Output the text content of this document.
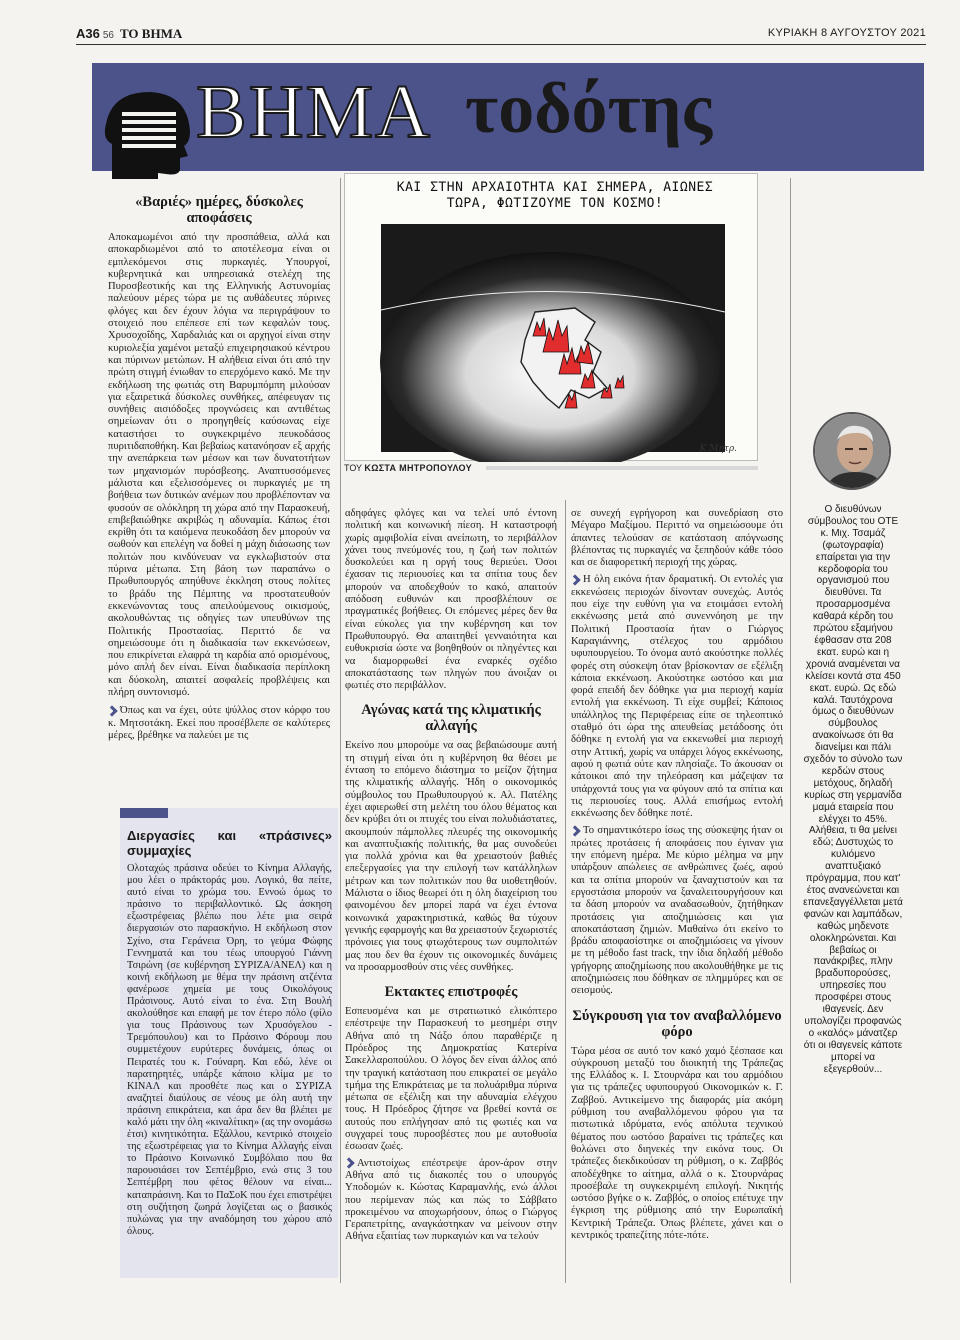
A36 56 ΤΟ ΒΗΜΑ	ΚΥΡΙΑΚΗ 8 ΑΥΓΟΥΣΤΟΥ 2021
ΒΗΜΑ τοδότης
ΚΑΙ ΣΤΗΝ ΑΡΧΑΙΟΤΗΤΑ ΚΑΙ ΣΗΜΕΡΑ, ΑΙΩΝΕΣ ΤΩΡΑ, ΦΩΤΙΖΟΥΜΕ ΤΟΝ ΚΟΣΜΟ!
Κ.Μητρ.
ΤΟΥ ΚΩΣΤΑ ΜΗΤΡΟΠΟΥΛΟΥ
«Βαριές» ημέρες, δύσκολες αποφάσεις

Αποκαμωμένοι από την προσπάθεια, αλλά και αποκαρδιωμένοι από το αποτέλεσμα είναι οι εμπλεκόμενοι στις πυρκαγιές. Υπουργοί, κυβερνητικά και υπηρεσιακά στελέχη της Πυροσβεστικής και της Ελληνικής Αστυνομίας παλεύουν μέρες τώρα με τις αυθάδευτες πύρινες φλόγες και δεν έχουν λόγια να περιγράψουν το στοιχειό που επέπεσε επί των κεφαλών τους. Χρυσοχοΐδης, Χαρδαλιάς και οι αρχηγοί είναι στην κυριολεξία χαμένοι μεταξύ επιχειρησιακού κέντρου και πύρινων μετώπων. Η αλήθεια είναι ότι από την πρώτη στιγμή ένιωθαν το επερχόμενο κακό. Με την εκδήλωση της φωτιάς στη Βαρυμπόμπη μιλούσαν για εξαιρετικά δύσκολες συνθήκες, απέφευγαν τις συνήθεις αισιόδοξες προγνώσεις και αντιθέτως σημείωναν ότι ο προηγηθείς καύσωνας είχε καταστήσει το συγκεκριμένο πευκοδάσος πυριτιδαποθήκη. Και βεβαίως κατανόησαν εξ αρχής την ανεπάρκεια των μέσων και των δυνατοτήτων των μηχανισμών πυρόσβεσης. Αναπτυσσόμενες μάλιστα και εξελισσόμενες οι πυρκαγιές με τη βοήθεια των δυτικών ανέμων που προβλέπονταν να φυσούν σε ολόκληρη τη χώρα από την Παρασκευή, επιβεβαιώθηκε ακριβώς η αδυναμία. Κάπως έτσι εκρίθη ότι τα καιόμενα πευκοδάση δεν μπορούν να σωθούν και επελέγη να δοθεί η μάχη διάσωσης των πολιτών που κινδύνευαν να εγκλωβιστούν στα πύρινα μέτωπα. Στη βάση των παραπάνω ο Πρωθυπουργός απηύθυνε έκκληση στους πολίτες το βράδυ της Πέμπτης να προστατευθούν εκκενώνοντας τους απειλούμενους οικισμούς, ακολουθώντας τις οδηγίες των υπευθύνων της Πολιτικής Προστασίας. Περιττό δε να σημειώσουμε ότι η διαδικασία των εκκενώσεων, που επικρίνεται ελαφρά τη καρδία από ορισμένους, μόνο απλή δεν είναι. Είναι διαδικασία περίπλοκη και δύσκολη, απαιτεί ασφαλείς προβλέψεις και πλήρη συντονισμό.

Όπως και να έχει, ούτε ψύλλος στον κόρφο του κ. Μητσοτάκη. Εκεί που προσέβλεπε σε καλύτερες μέρες, βρέθηκε να παλεύει με τις

Διεργασίες και «πράσινες» συμμαχίες

Ολοταχώς πράσινα οδεύει το Κίνημα Αλλαγής, μου λέει ο πράκτοράς μου. Λογικό, θα πείτε, αυτό είναι το χρώμα του. Εννοώ όμως το πράσινο το περιβαλλοντικό. Ως άσκηση εξωστρέφειας βλέπω που λέτε μια σειρά διεργασιών στο παρασκήνιο. Η εκδήλωση στον Σχίνο, στα Γεράνεια Όρη, το γεύμα Φώφης Γεννηματά και του τέως υπουργού Γιάννη Τσιρώνη (σε κυβέρνηση ΣΥΡΙΖΑ/ΑΝΕΛ) και η κοινή εκδήλωση με θέμα την πράσινη ατζέντα φανέρωσε χημεία με τους Οικολόγους Πράσινους. Αυτό είναι το ένα. Στη Βουλή ακολούθησε και επαφή με τον έτερο πόλο (φίλο για τους Πράσινους των Χρυσόγελου - Τρεμόπουλου) και το Πράσινο Φόρουμ που συμμετέχουν ευρύτερες δυνάμεις, όπως οι Πειρατές του κ. Γούναρη. Και εδώ, λένε οι παρατηρητές, υπάρξε κάποιο κλίμα με το ΚΙΝΑΛ και προσθέτε πως και ο ΣΥΡΙΖΑ αναζητεί διαύλους σε νέους με όλη αυτή την πράσινη επικράτεια, και άρα δεν θα βλέπει με καλό μάτι την όλη «κιναλίτικη» (ας την ονομάσω έτσι) κινητικότητα. Εξάλλου, κεντρικό στοιχείο της εξωστρέφειας για το Κίνημα Αλλαγής είναι το Πράσινο Κοινωνικό Συμβόλαιο που θα παρουσιάσει τον Σεπτέμβριο, ενώ στις 3 του Σεπτέμβρη που φέτος θέλουν να είναι... καταπράσινη. Και το ΠαΣοΚ που έχει επιστρέψει στη συζήτηση ζωηρά λογίζεται ως ο βασικός πυλώνας για την αναδόμηση του χώρου από όλους.

αδηφάγες φλόγες και να τελεί υπό έντονη πολιτική και κοινωνική πίεση. Η καταστροφή χωρίς αμφιβολία είναι ανείπωτη, το περιβάλλον χάνει τους πνεύμονές του, η ζωή των πολιτών δυσκολεύει και η οργή τους θεριεύει. Όσοι έχασαν τις περιουσίες και τα σπίτια τους δεν μπορούν να αποδεχθούν το κακό, απαιτούν απόδοση ευθυνών και προσβλέπουν σε πραγματικές βοήθειες. Οι επόμενες μέρες δεν θα είναι εύκολες για την κυβέρνηση και τον Πρωθυπουργό. Θα απαιτηθεί γενναιότητα και ευθυκρισία ώστε να βοηθηθούν οι πληγέντες και να διαμορφωθεί ένα εναρκές σχέδιο αποκατάστασης των πληγών που άνοιξαν οι φωτιές στο περιβάλλον.

Αγώνας κατά της κλιματικής αλλαγής

Εκείνο που μπορούμε να σας βεβαιώσουμε αυτή τη στιγμή είναι ότι η κυβέρνηση θα θέσει με ένταση το επόμενο διάστημα το μείζον ζήτημα της κλιματικής αλλαγής. Ήδη ο οικονομικός σύμβουλος του Πρωθυπουργού κ. Αλ. Πατέλης έχει αφιερωθεί στη μελέτη του όλου θέματος και δεν κρύβει ότι οι πτυχές του είναι πολυδιάστατες, ακουμπούν πάμπολλες πλευρές της οικονομικής και αναπτυξιακής πολιτικής, θα μας συνοδεύει για πολλά χρόνια και θα χρειαστούν βαθιές επεξεργασίες για την επιλογή των κατάλληλων μέτρων και των πολιτικών που θα υιοθετηθούν. Μάλιστα ο ίδιος θεωρεί ότι η όλη διαχείριση του φαινομένου δεν μπορεί παρά να έχει έντονα κοινωνικά χαρακτηριστικά, καθώς θα τύχουν γενικής εφαρμογής και θα χρειαστούν ξεχωριστές πρόνοιες για τους φτωχότερους των συμπολιτών μας που δεν θα έχουν τις οικονομικές δυνάμεις να προσαρμοσθούν στις νέες συνθήκες.

Εκτακτες επιστροφές

Εσπευσμένα και με στρατιωτικό ελικόπτερο επέστρεψε την Παρασκευή το μεσημέρι στην Αθήνα από τη Νάξο όπου παραθέριζε η Πρόεδρος της Δημοκρατίας Κατερίνα Σακελλαροπούλου. Ο λόγος δεν είναι άλλος από την τραγική κατάσταση που επικρατεί σε μεγάλο τμήμα της Επικράτειας με τα πολυάριθμα πύρινα μέτωπα σε εξέλιξη και την αδυναμία ελέγχου τους. Η Πρόεδρος ζήτησε να βρεθεί κοντά σε αυτούς που επλήγησαν από τις φωτιές και να συγχαρεί τους πυροσβέστες που με αυτοθυσία έσωσαν ζωές.

Αντιστοίχως επέστρεψε άρον-άρον στην Αθήνα από τις διακοπές του ο υπουργός Υποδομών κ. Κώστας Καραμανλής, ενώ άλλοι που περίμεναν πώς και πώς το Σάββατο προκειμένου να αποχωρήσουν, όπως ο Γιώργος Γεραπετρίτης, αναγκάστηκαν να μείνουν στην Αθήνα εξαιτίας των πυρκαγιών και να τελούν

σε συνεχή εγρήγορση και συνεδρίαση στο Μέγαρο Μαξίμου. Περιττό να σημειώσουμε ότι άπαντες τελούσαν σε κατάσταση απόγνωσης βλέποντας τις πυρκαγιές να ξεπηδούν κάθε τόσο και σε διαφορετική περιοχή της χώρας.

Η όλη εικόνα ήταν δραματική. Οι εντολές για εκκενώσεις περιοχών δίνονταν συνεχώς. Αυτός που είχε την ευθύνη για να ετοιμάσει εντολή εκκένωσης μετά από συνεννόηση με την Πολιτική Προστασία ήταν ο Γιώργος Καραγιάννης, στέλεχος του αρμόδιου υφυπουργείου. Το όνομα αυτό ακούστηκε πολλές φορές στη σύσκεψη όταν βρίσκονταν σε εξέλιξη κάποια εκκένωση. Ακούστηκε ωστόσο και μια φορά επειδή δεν δόθηκε για μια περιοχή καμία εντολή για εκκένωση. Τι είχε συμβεί; Κάποιος υπάλληλος της Περιφέρειας είπε σε τηλεοπτικό σταθμό ότι ώρα της απευθείας μετάδοσης ότι δόθηκε η εντολή για να εκκενωθεί μια περιοχή στην Αττική, χωρίς να υπάρχει λόγος εκκένωσης, αφού η φωτιά ούτε καν πλησίαζε. Το άκουσαν οι κάτοικοι από την τηλεόραση και μάζεψαν τα υπάρχοντά τους για να φύγουν από τα σπίτια και τις περιουσίες τους. Αλλά επισήμως εντολή εκκένωσης δεν δόθηκε ποτέ.

Το σημαντικότερο ίσως της σύσκεψης ήταν οι πρώτες προτάσεις ή αποφάσεις που έγιναν για την επόμενη ημέρα. Με κύριο μέλημα να μην υπάρξουν απώλειες σε ανθρώπινες ζωές, αφού και τα σπίτια μπορούν να ξαναχτιστούν και τα εργοστάσια μπορούν να ξαναλειτουργήσουν και τα δάση μπορούν να αναδασωθούν, ζητήθηκαν προτάσεις για αποζημιώσεις και για αποκατάσταση ζημιών. Μαθαίνω ότι εκείνο το βράδυ αποφασίστηκε οι αποζημιώσεις να γίνουν με τη μέθοδο fast track, την ίδια δηλαδή μέθοδο γρήγορης αποζημίωσης που ακολουθήθηκε με τις αποζημιώσεις που δόθηκαν σε πλημμύρες και σε σεισμούς.

Σύγκρουση για τον αναβαλλόμενο φόρο

Τώρα μέσα σε αυτό τον κακό χαμό ξέσπασε και σύγκρουση μεταξύ του διοικητή της Τράπεζας της Ελλάδος κ. Ι. Στουρνάρα και του αρμόδιου για τις τράπεζες υφυπουργού Οικονομικών κ. Γ. Ζαββού. Αντικείμενο της διαφοράς μία ακόμη ρύθμιση του αναβαλλόμενου φόρου για τα πιστωτικά ιδρύματα, ενός απόλυτα τεχνικού θέματος που ωστόσο βαραίνει τις τράπεζες και θολώνει στο διηνεκές την εικόνα τους. Οι τράπεζες διεκδικούσαν τη ρύθμιση, ο κ. Ζαββός αποδέχθηκε το αίτημα, αλλά ο κ. Στουρνάρας προσέβαλε τη συγκεκριμένη επιλογή. Νικητής ωστόσο βγήκε ο κ. Ζαββός, ο οποίος επέτυχε την έγκριση της ρύθμισης από την Ευρωπαϊκή Κεντρική Τράπεζα. Όπως βλέπετε, χάνει και ο κεντρικός τραπεζίτης πότε-πότε.

Ο διευθύνων σύμβουλος του ΟΤΕ κ. Μιχ. Τσαμάζ (φωτογραφία) επαίρεται για την κερδοφορία του οργανισμού που διευθύνει. Τα προσαρμοσμένα καθαρά κέρδη του πρώτου εξαμήνου έφθασαν στα 208 εκατ. ευρώ και η χρονιά αναμένεται να κλείσει κοντά στα 450 εκατ. ευρώ. Ως εδώ καλά. Ταυτόχρονα όμως ο διευθύνων σύμβουλος ανακοίνωσε ότι θα διανείμει και πάλι σχεδόν το σύνολο των κερδών στους μετόχους, δηλαδή κυρίως στη γερμανίδα μαμά εταιρεία που ελέγχει το 45%. Αλήθεια, τι θα μείνει εδώ; Δυστυχώς το κυλιόμενο αναπτυξιακό πρόγραμμα, που κατ' έτος ανανεώνεται και επανεξαγγέλλεται μετά φανών και λαμπάδων, καθώς μηδενοτε ολοκληρώνεται. Και βεβαίως οι πανάκριβες, πλην βραδυπορούσες, υπηρεσίες που προσφέρει στους ιθαγενείς. Δεν υπολογίζει προφανώς ο «καλός» μάνατζερ ότι οι ιθαγενείς κάποτε μπορεί να εξεγερθούν...
